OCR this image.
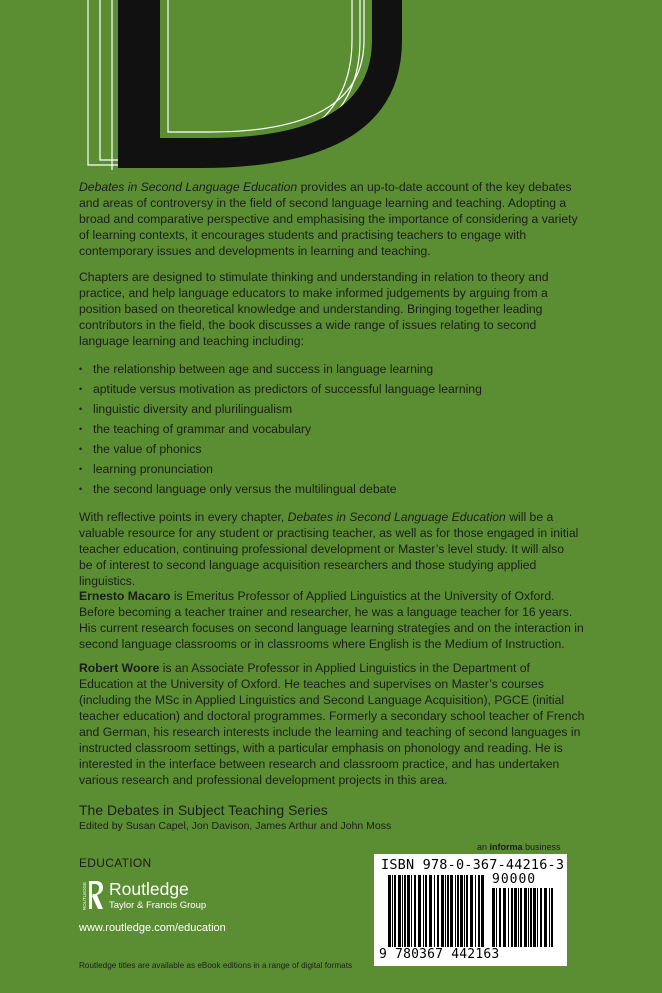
Debates in Second Language Education provides an up-to-date account of the key debates and areas of controversy in the field of second language learning and teaching. Adopting a broad and comparative perspective and emphasising the importance of considering a variety of learning contexts, it encourages students and practising teachers to engage with contemporary issues and developments in learning and teaching.

Chapters are designed to stimulate thinking and understanding in relation to theory and practice, and help language educators to make informed judgements by arguing from a position based on theoretical knowledge and understanding. Bringing together leading contributors in the field, the book discusses a wide range of issues relating to second language learning and teaching including:

• the relationship between age and success in language learning
• aptitude versus motivation as predictors of successful language learning
• linguistic diversity and plurilingualism
• the teaching of grammar and vocabulary
• the value of phonics
• learning pronunciation
• the second language only versus the multilingual debate

With reflective points in every chapter, Debates in Second Language Education will be a valuable resource for any student or practising teacher, as well as for those engaged in initial teacher education, continuing professional development or Master’s level study. It will also be of interest to second language acquisition researchers and those studying applied linguistics.

Ernesto Macaro is Emeritus Professor of Applied Linguistics at the University of Oxford. Before becoming a teacher trainer and researcher, he was a language teacher for 16 years. His current research focuses on second language learning strategies and on the interaction in second language classrooms or in classrooms where English is the Medium of Instruction.

Robert Woore is an Associate Professor in Applied Linguistics in the Department of Education at the University of Oxford. He teaches and supervises on Master’s courses (including the MSc in Applied Linguistics and Second Language Acquisition), PGCE (initial teacher education) and doctoral programmes. Formerly a secondary school teacher of French and German, his research interests include the learning and teaching of second languages in instructed classroom settings, with a particular emphasis on phonology and reading. He is interested in the interface between research and classroom practice, and has undertaken various research and professional development projects in this area.

The Debates in Subject Teaching Series
Edited by Susan Capel, Jon Davison, James Arthur and John Moss
EDUCATION
ROUTLEDGE Routledge
Taylor & Francis Group
www.routledge.com/education
Routledge titles are available as eBook editions in a range of digital formats
an informa business
ISBN 978-0-367-44216-3
90000
9 780367 442163
